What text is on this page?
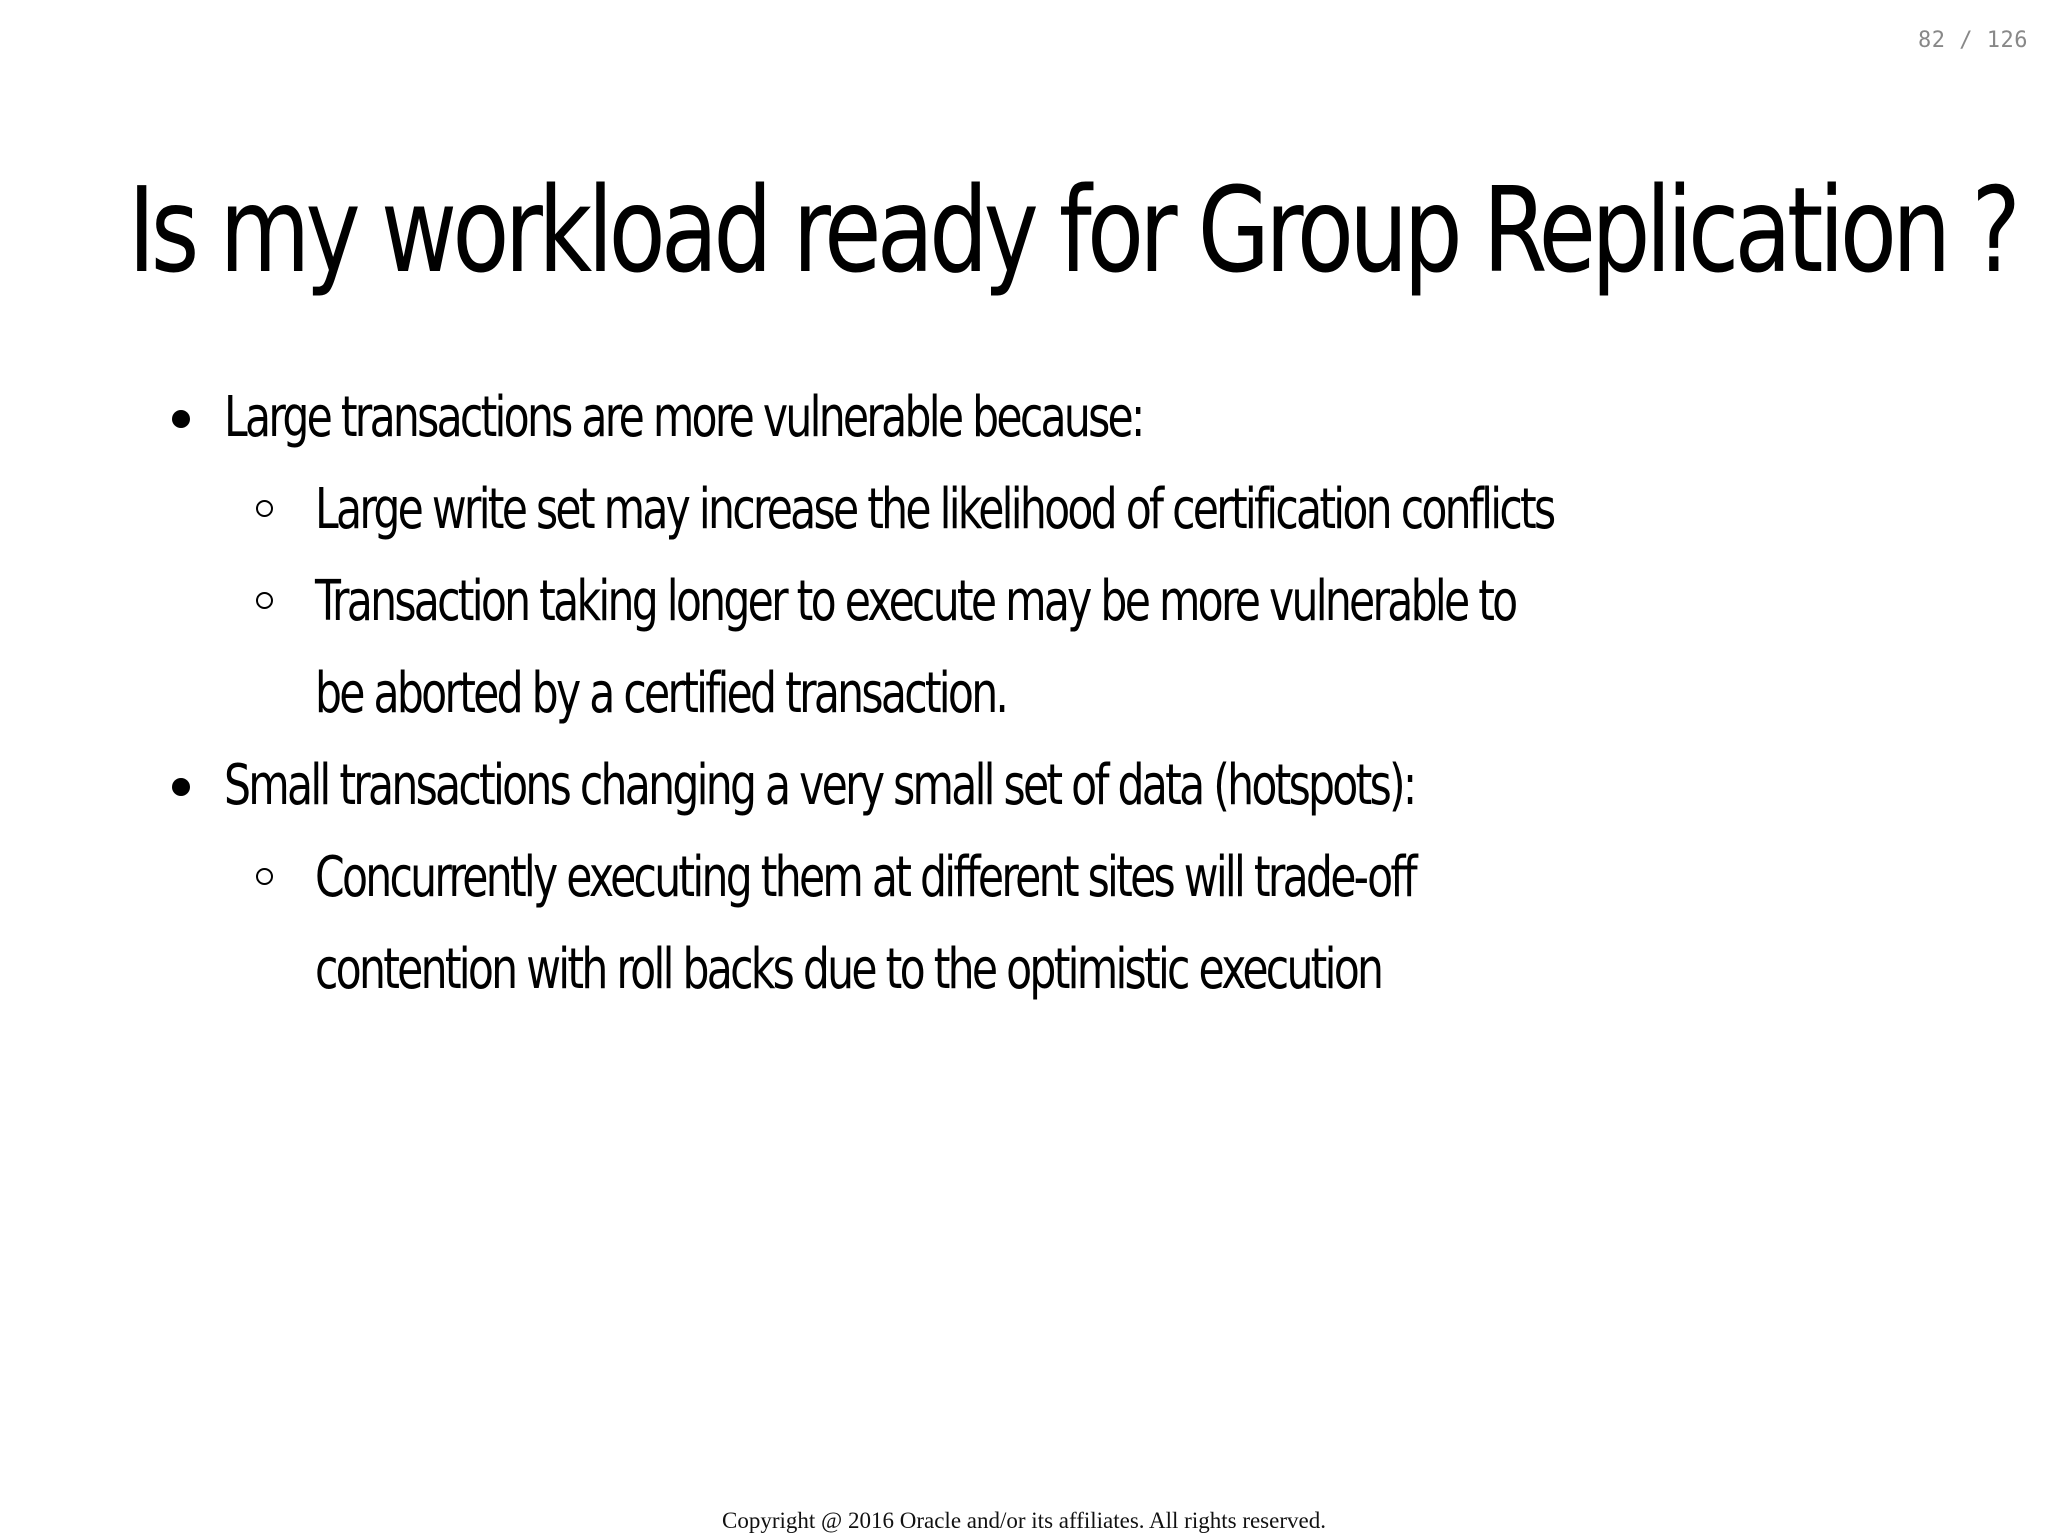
82 / 126
Is my workload ready for Group Replication ?
Large transactions are more vulnerable because:
Large write set may increase the likelihood of certification conflicts
Transaction taking longer to execute may be more vulnerable to be aborted by a certified transaction.
Small transactions changing a very small set of data (hotspots):
Concurrently executing them at different sites will trade-off contention with roll backs due to the optimistic execution
Copyright @ 2016 Oracle and/or its affiliates. All rights reserved.
